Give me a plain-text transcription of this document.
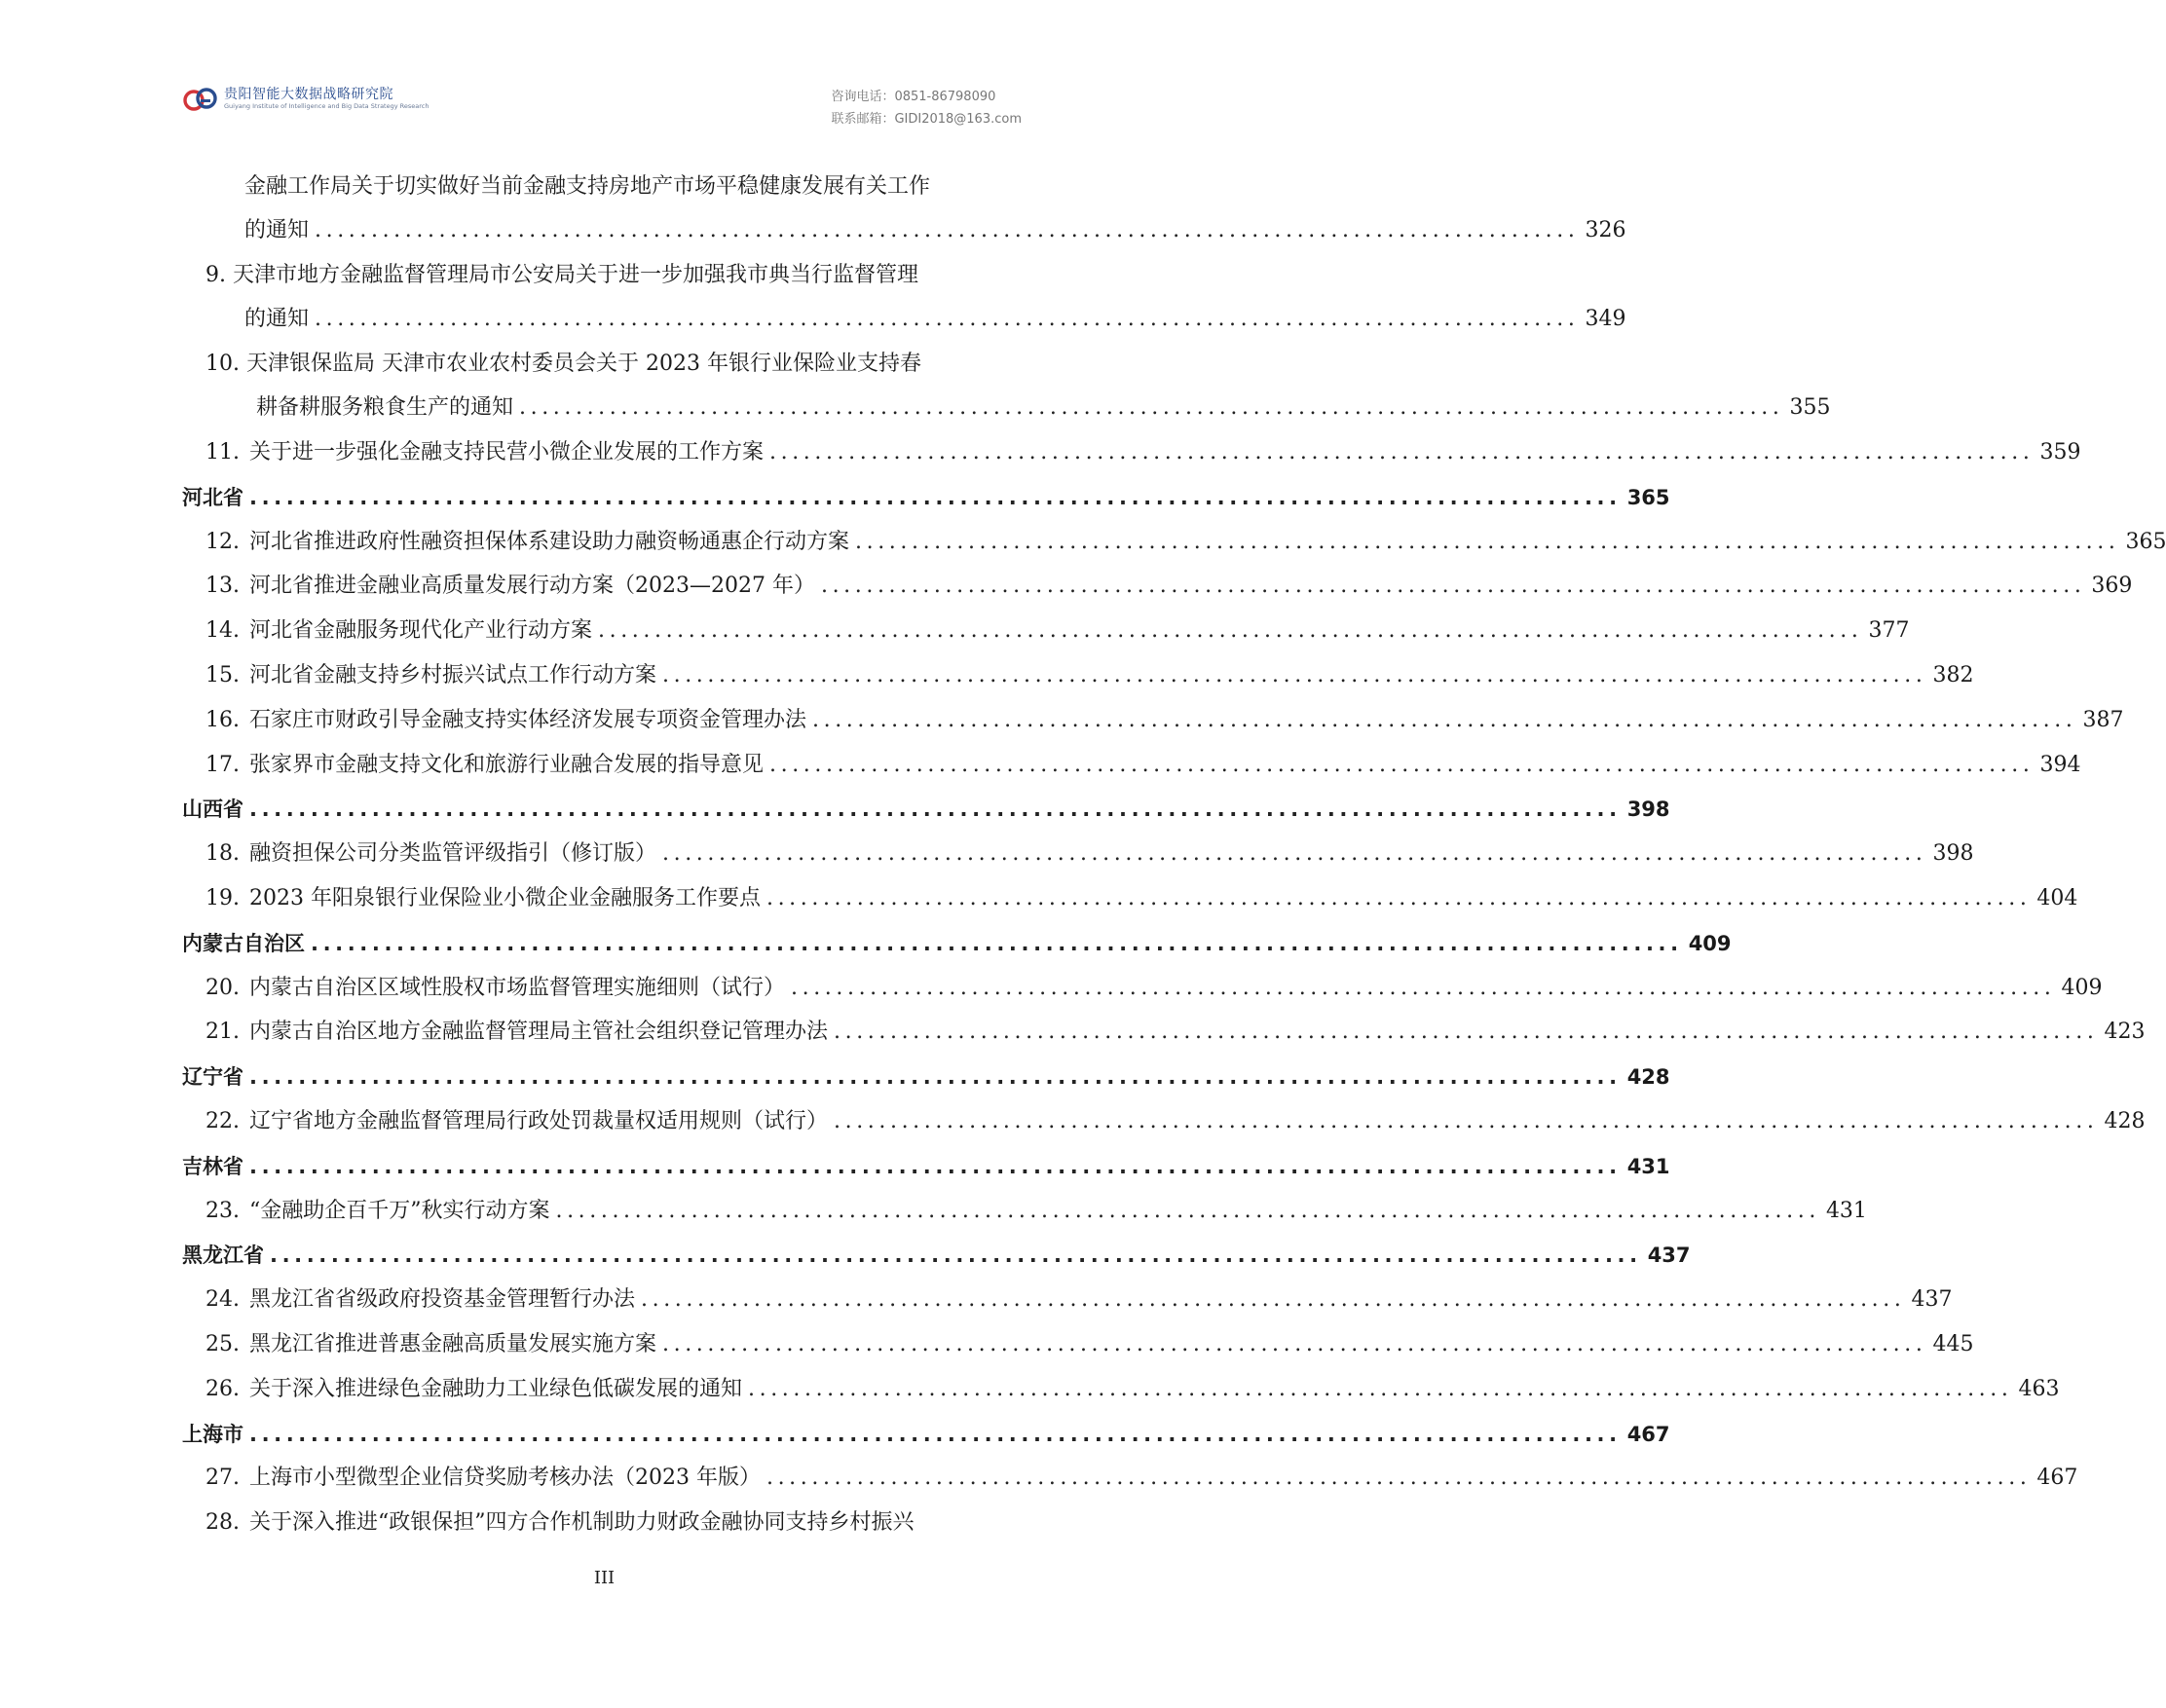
贵阳智能大数据战略研究院
Guiyang Institute of Intelligence and Big Data Strategy Research
咨询电话：0851-86798090
联系邮箱：GIDI2018@163.com
金融工作局关于切实做好当前金融支持房地产市场平稳健康发展有关工作
9. 天津市地方金融监督管理局市公安局关于进一步加强我市典当行监督管理
10. 天津银保监局 天津市农业农村委员会关于 2023 年银行业保险业支持春
的通知 ................................................................................................................ 326
的通知 ................................................................................................................ 349
耕备耕服务粮食生产的通知 ................................................................................................................ 355
11. 关于进一步强化金融支持民营小微企业发展的工作方案 ................................................................................................................ 359
河北省 ................................................................................................................ 365
12. 河北省推进政府性融资担保体系建设助力融资畅通惠企行动方案 ................................................................................................................ 365
13. 河北省推进金融业高质量发展行动方案（2023—2027 年） ................................................................................................................ 369
14. 河北省金融服务现代化产业行动方案 ................................................................................................................ 377
15. 河北省金融支持乡村振兴试点工作行动方案 ................................................................................................................ 382
16. 石家庄市财政引导金融支持实体经济发展专项资金管理办法 ................................................................................................................ 387
17. 张家界市金融支持文化和旅游行业融合发展的指导意见 ................................................................................................................ 394
山西省 ................................................................................................................ 398
18. 融资担保公司分类监管评级指引（修订版） ................................................................................................................ 398
19. 2023 年阳泉银行业保险业小微企业金融服务工作要点 ................................................................................................................ 404
内蒙古自治区 ................................................................................................................ 409
20. 内蒙古自治区区域性股权市场监督管理实施细则（试行） ................................................................................................................ 409
21. 内蒙古自治区地方金融监督管理局主管社会组织登记管理办法 ................................................................................................................ 423
辽宁省 ................................................................................................................ 428
22. 辽宁省地方金融监督管理局行政处罚裁量权适用规则（试行） ................................................................................................................ 428
吉林省 ................................................................................................................ 431
23. “金融助企百千万”秋实行动方案 ................................................................................................................ 431
黑龙江省 ................................................................................................................ 437
24. 黑龙江省省级政府投资基金管理暂行办法 ................................................................................................................ 437
25. 黑龙江省推进普惠金融高质量发展实施方案 ................................................................................................................ 445
26. 关于深入推进绿色金融助力工业绿色低碳发展的通知 ................................................................................................................ 463
上海市 ................................................................................................................ 467
27. 上海市小型微型企业信贷奖励考核办法（2023 年版） ................................................................................................................ 467
28. 关于深入推进“政银保担”四方合作机制助力财政金融协同支持乡村振兴
III
